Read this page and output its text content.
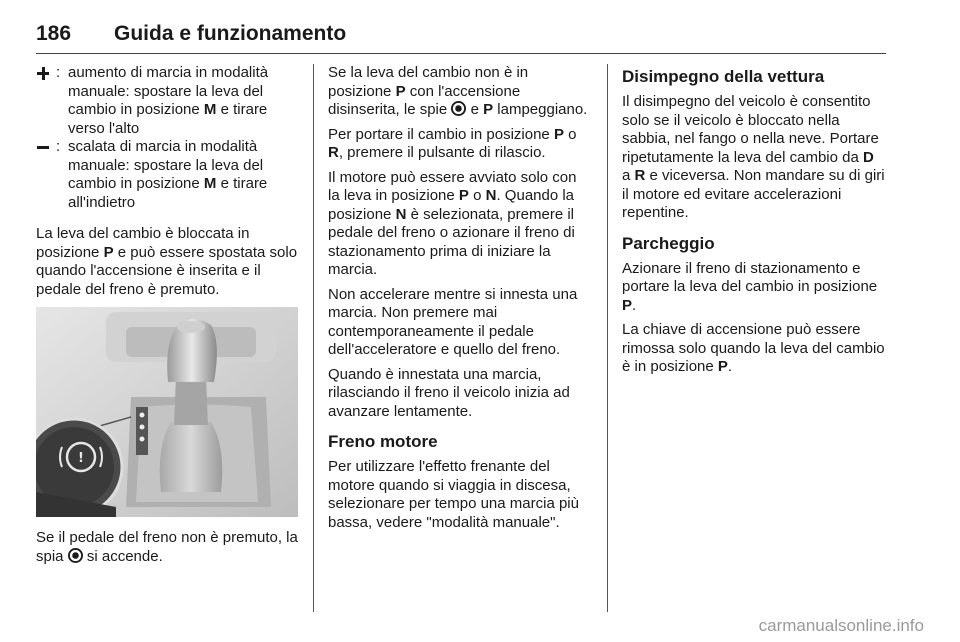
186 Guida e funzionamento
: aumento di marcia in modalità manuale: spostare la leva del cambio in posizione M e tirare verso l'alto
: scalata di marcia in modalità manuale: spostare la leva del cambio in posizione M e tirare all'indietro

La leva del cambio è bloccata in posizione P e può essere spostata solo quando l'accensione è inserita e il pedale del freno è premuto.

!

Se il pedale del freno non è premuto, la spia si accende.

Se la leva del cambio non è in posizione P con l'accensione disinserita, le spie e P lampeggiano.

Per portare il cambio in posizione P o R, premere il pulsante di rilascio.

Il motore può essere avviato solo con la leva in posizione P o N. Quando la posizione N è selezionata, premere il pedale del freno o azionare il freno di stazionamento prima di iniziare la marcia.

Non accelerare mentre si innesta una marcia. Non premere mai contemporaneamente il pedale dell'acceleratore e quello del freno.

Quando è innestata una marcia, rilasciando il freno il veicolo inizia ad avanzare lentamente.

Freno motore

Per utilizzare l'effetto frenante del motore quando si viaggia in discesa, selezionare per tempo una marcia più bassa, vedere "modalità manuale".

Disimpegno della vettura

Il disimpegno del veicolo è consentito solo se il veicolo è bloccato nella sabbia, nel fango o nella neve. Portare ripetutamente la leva del cambio da D a R e viceversa. Non mandare su di giri il motore ed evitare accelerazioni repentine.

Parcheggio

Azionare il freno di stazionamento e portare la leva del cambio in posizione P.

La chiave di accensione può essere rimossa solo quando la leva del cambio è in posizione P.

carmanualsonline.info
